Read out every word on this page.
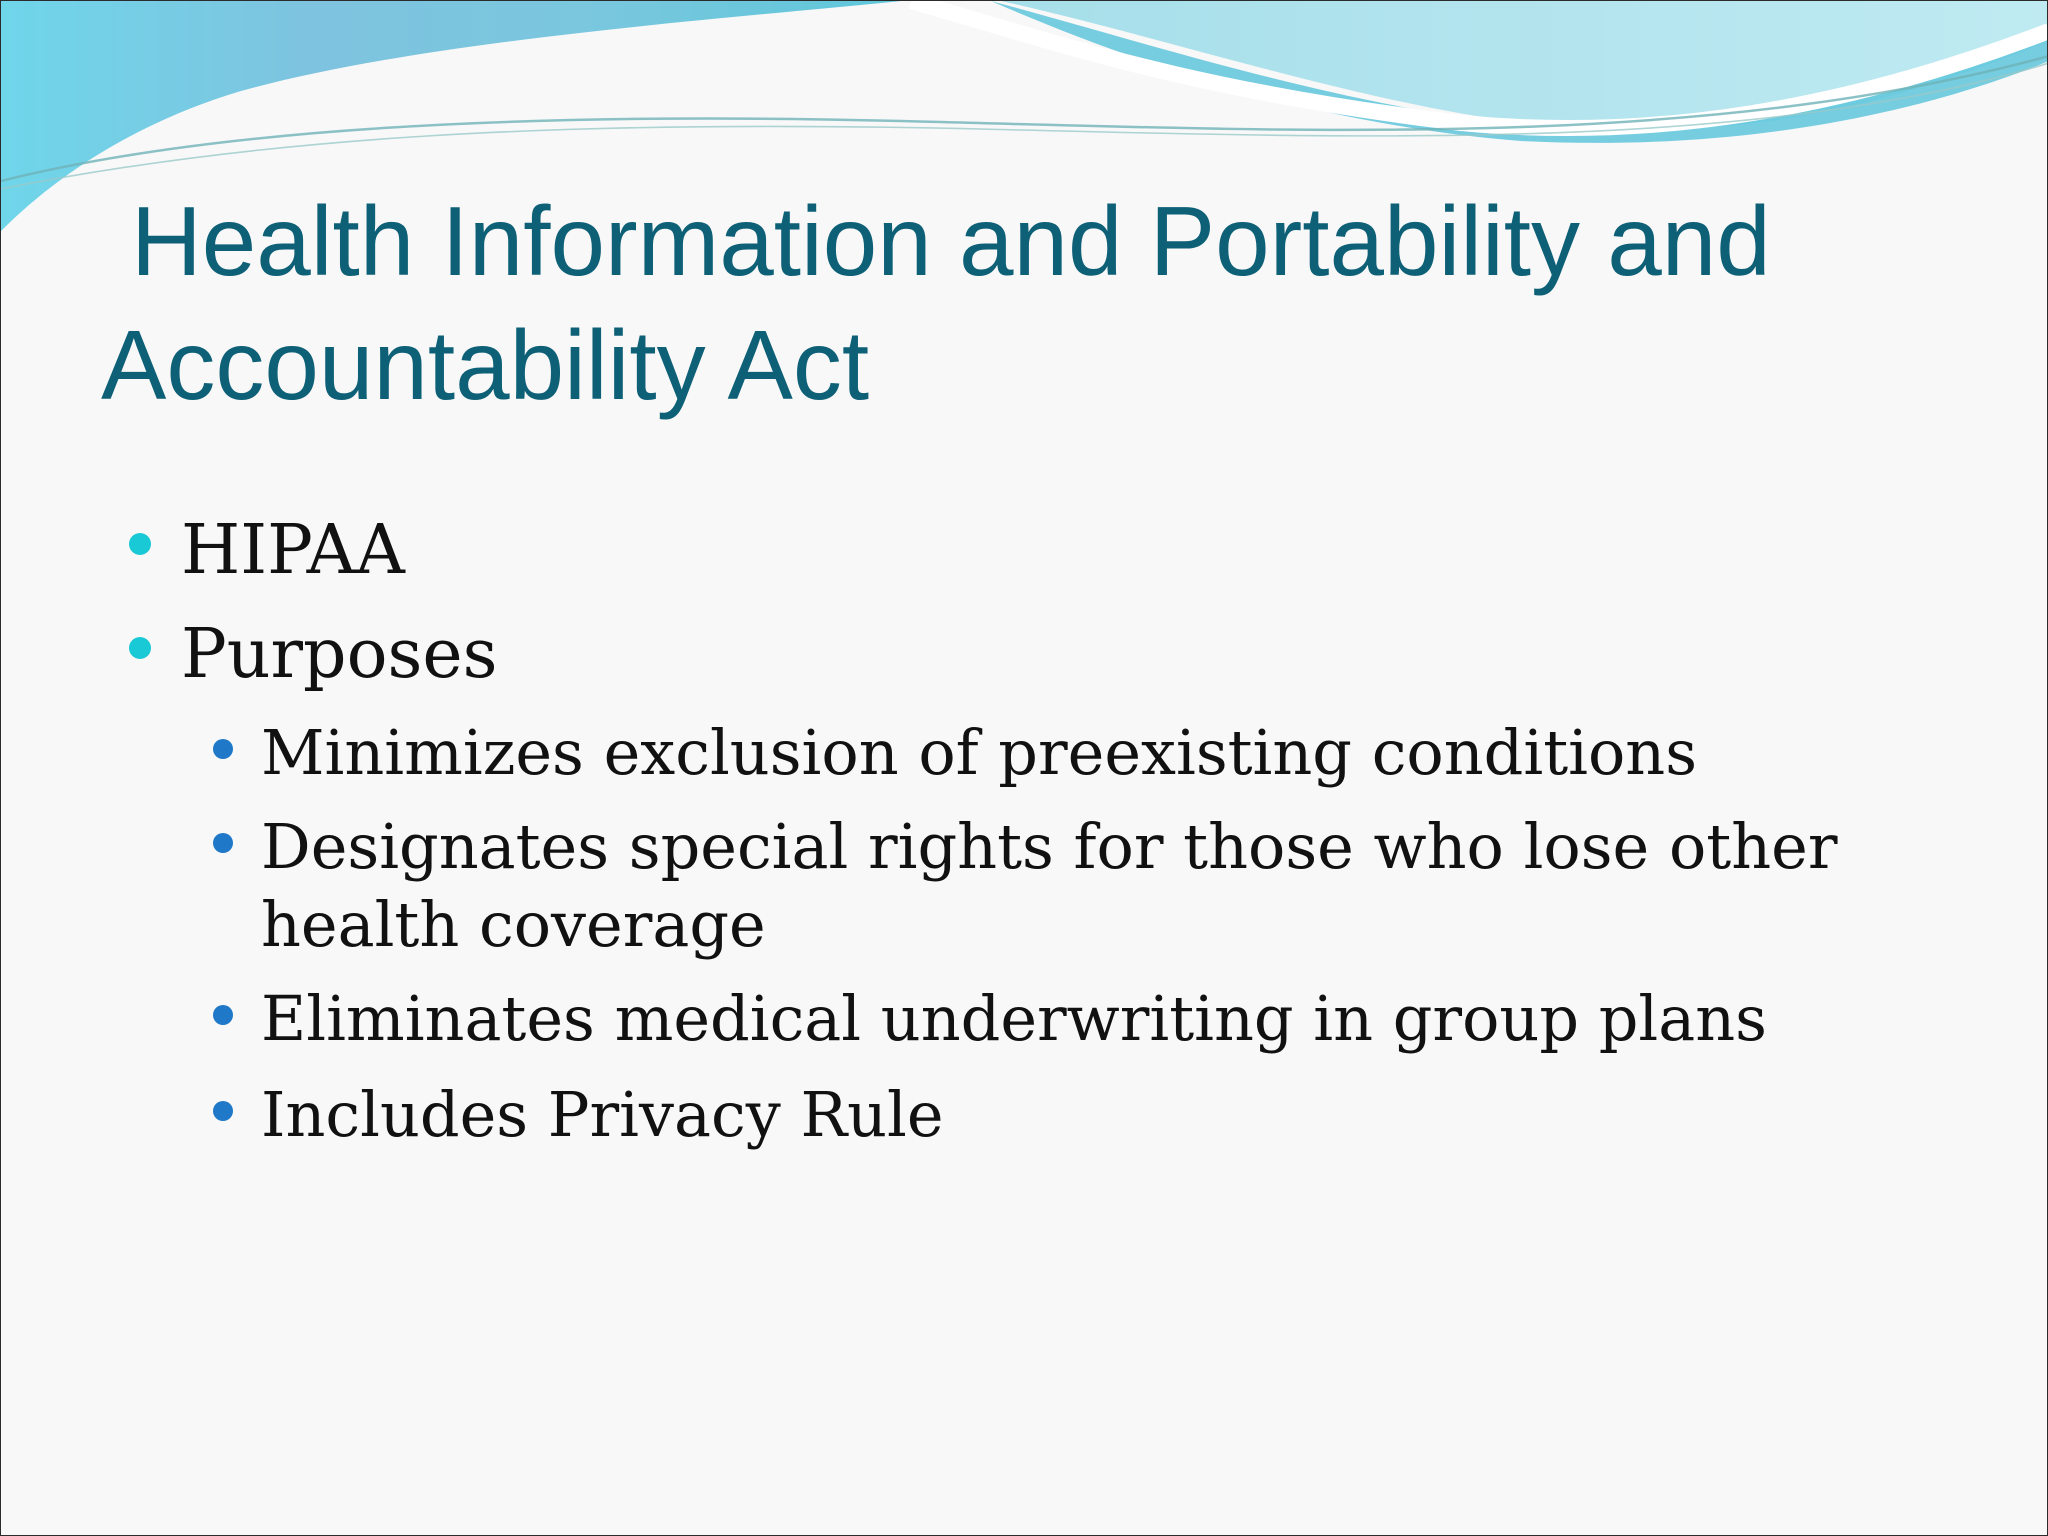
Health Information and Portability and Accountability Act
HIPAA
Purposes
Minimizes exclusion of preexisting conditions
Designates special rights for those who lose other
health coverage
Eliminates medical underwriting in group plans
Includes Privacy Rule
